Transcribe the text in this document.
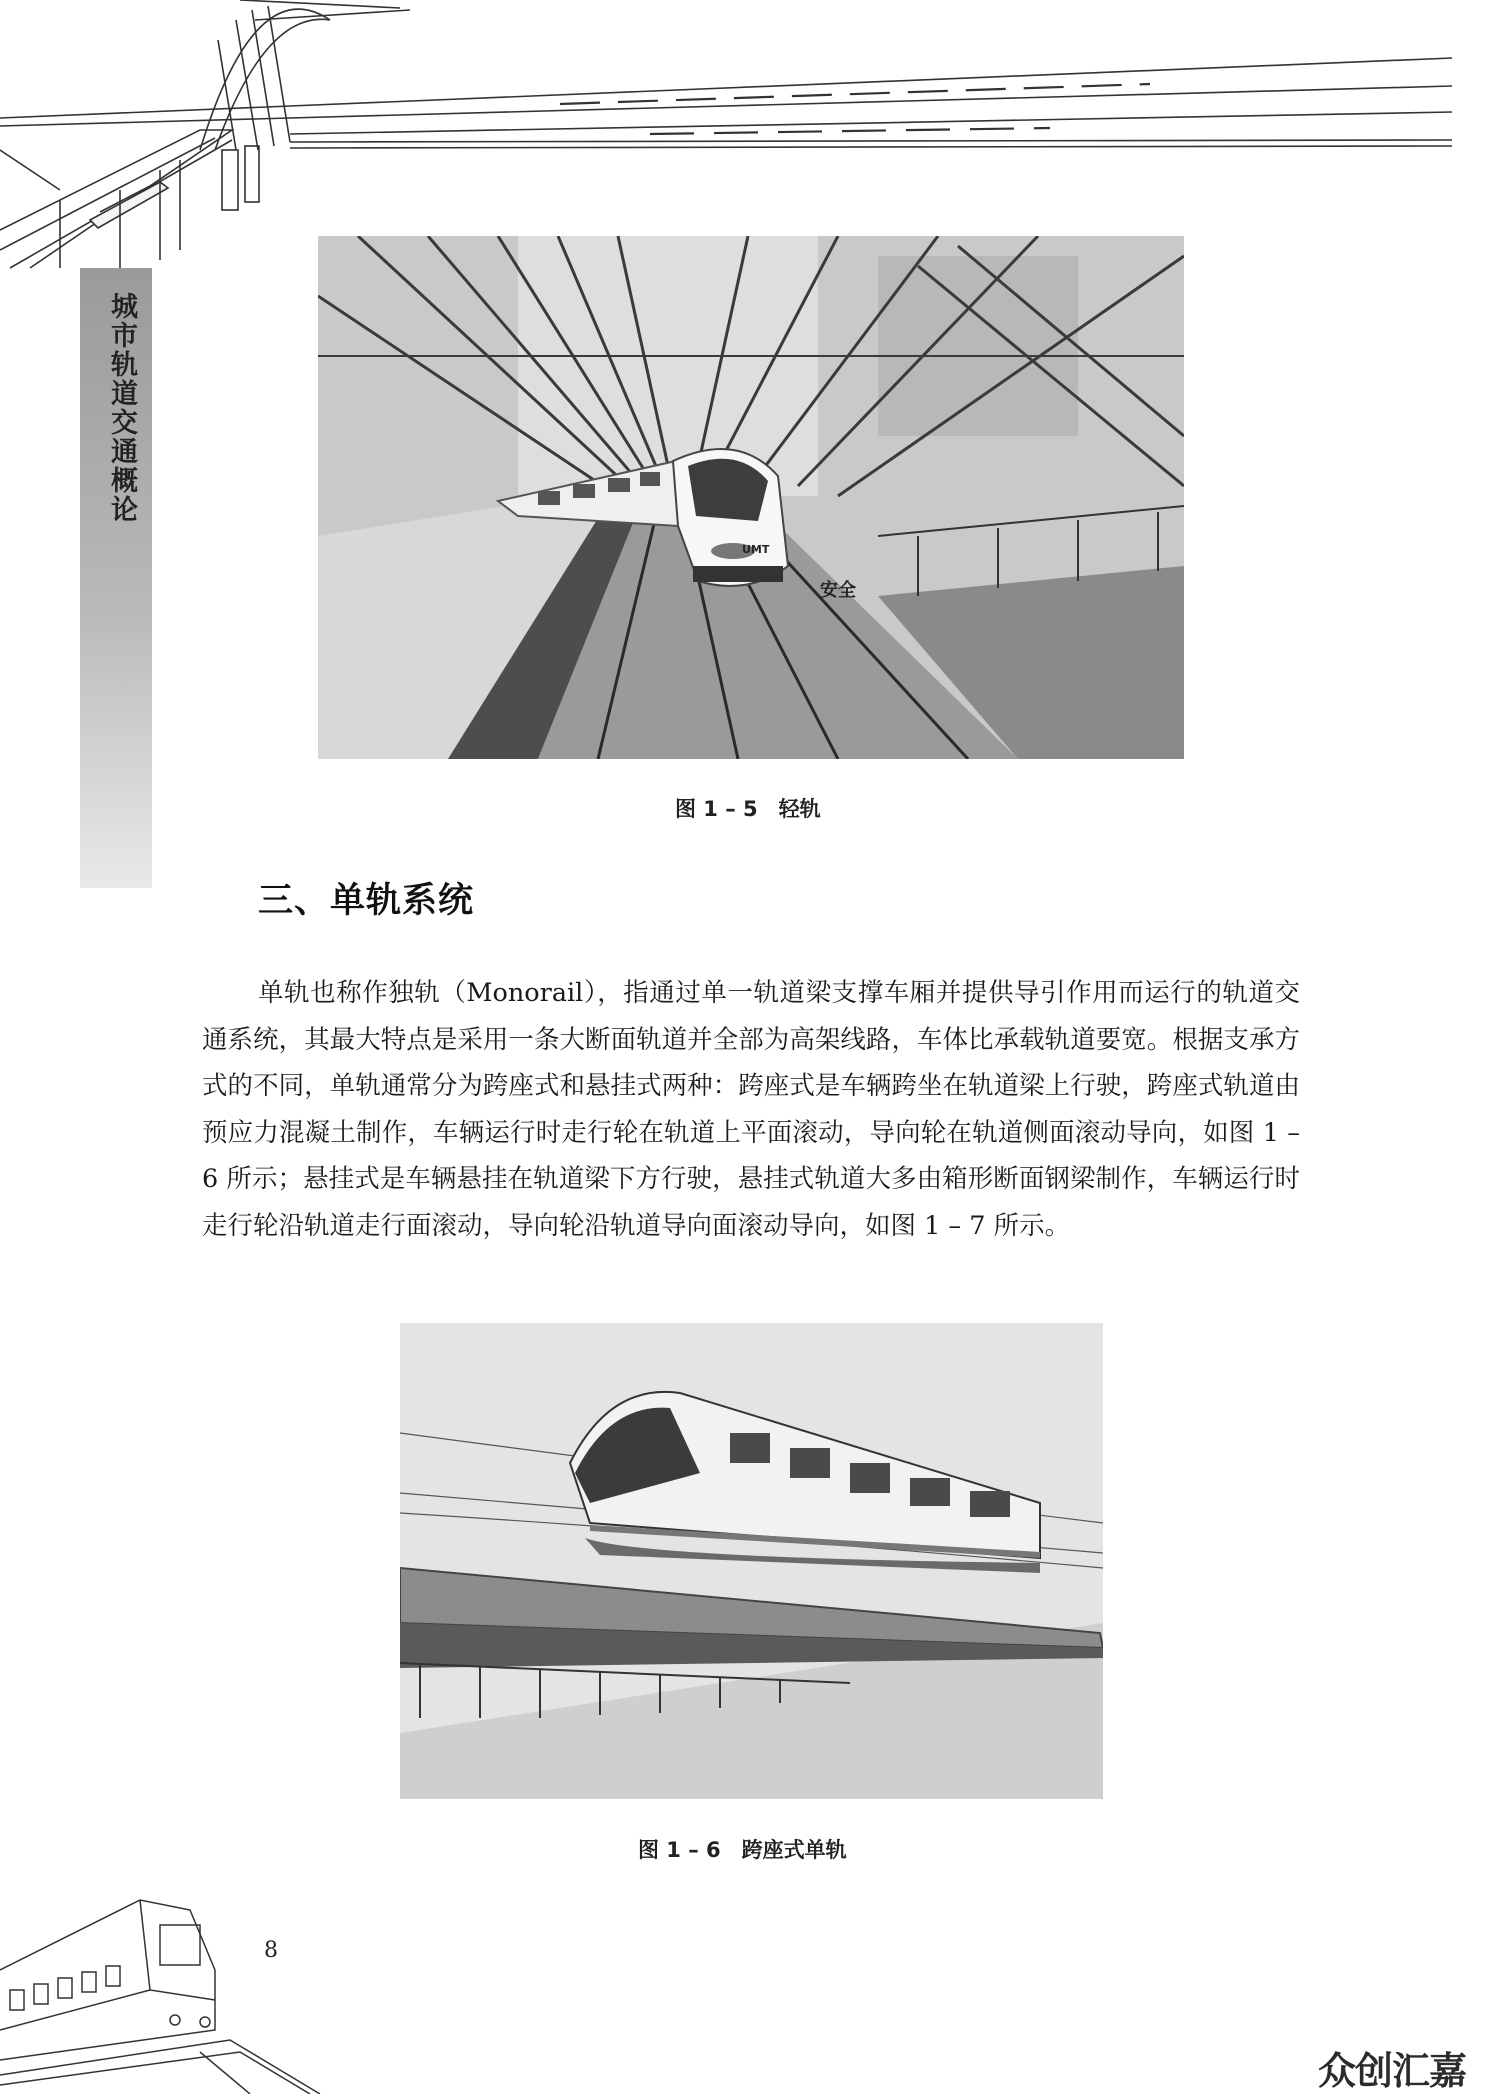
城市轨道交通概论
UMT
安全
图 1 – 5　轻轨
三、单轨系统

单轨也称作独轨（Monorail），指通过单一轨道梁支撑车厢并提供导引作用而运行的轨道交通系统，其最大特点是采用一条大断面轨道并全部为高架线路，车体比承载轨道要宽。根据支承方式的不同，单轨通常分为跨座式和悬挂式两种：跨座式是车辆跨坐在轨道梁上行驶，跨座式轨道由预应力混凝土制作，车辆运行时走行轮在轨道上平面滚动，导向轮在轨道侧面滚动导向，如图 1 – 6 所示；悬挂式是车辆悬挂在轨道梁下方行驶，悬挂式轨道大多由箱形断面钢梁制作，车辆运行时走行轮沿轨道走行面滚动，导向轮沿轨道导向面滚动导向，如图 1 – 7 所示。

图 1 – 6　跨座式单轨
8
众创汇嘉
